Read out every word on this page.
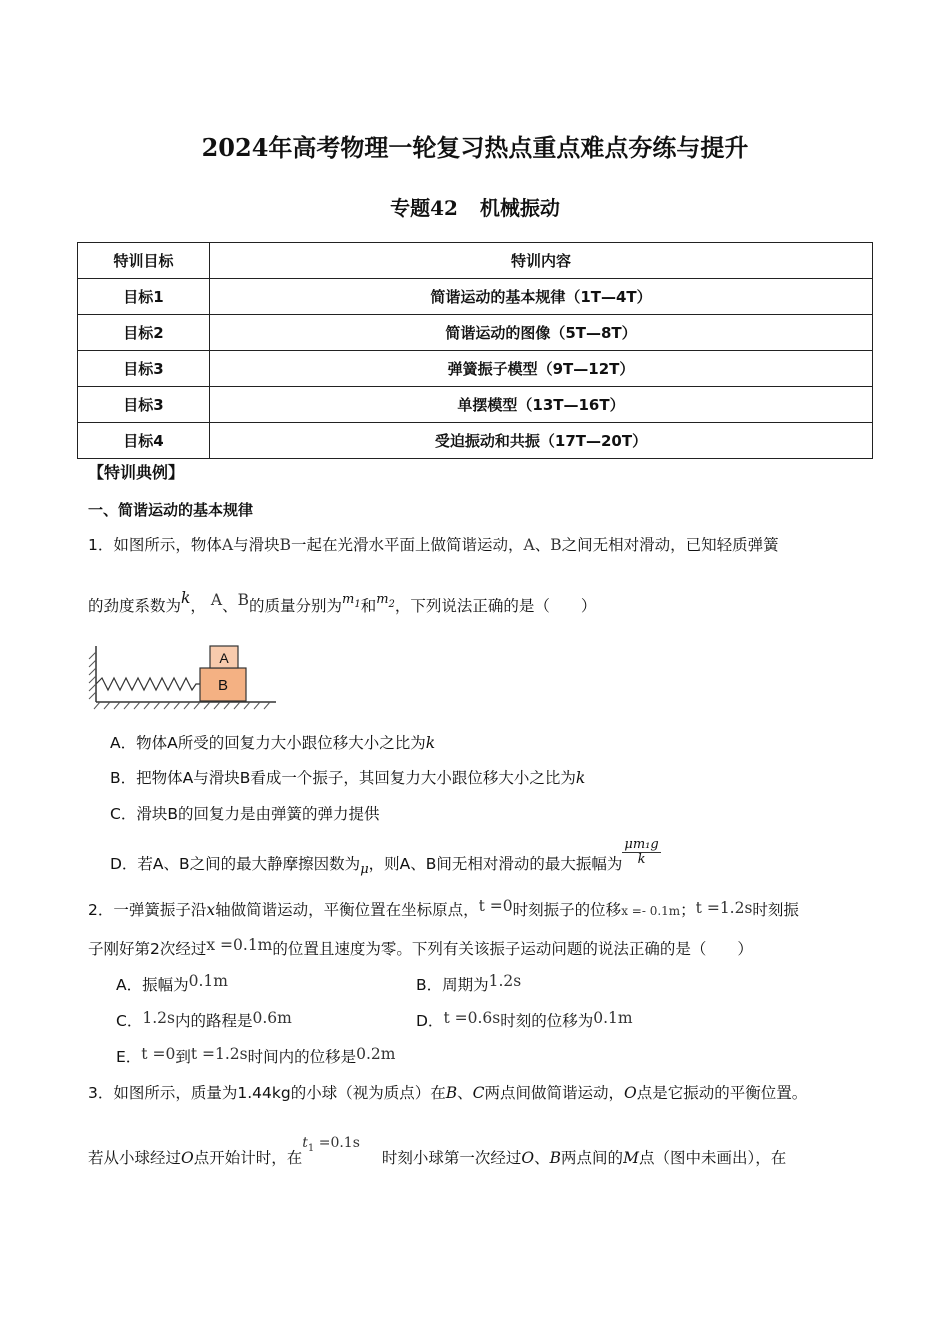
2024年高考物理一轮复习热点重点难点夯练与提升
专题42 机械振动
特训目标	特训内容
目标1	简谐运动的基本规律（1T—4T）
目标2	简谐运动的图像（5T—8T）
目标3	弹簧振子模型（9T—12T）
目标3	单摆模型（13T—16T）
目标4	受迫振动和共振（17T—20T）
【特训典例】
一、简谐运动的基本规律
1．如图所示，物体A与滑块B一起在光滑水平面上做简谐运动，A、B之间无相对滑动，已知轻质弹簧
的劲度系数为k， A、B的质量分别为$^{m_1}$和$^{m_2}$，下列说法正确的是（　　）
A
B
A．物体A所受的回复力大小跟位移大小之比为k
B．把物体A与滑块B看成一个振子，其回复力大小跟位移大小之比为k
C．滑块B的回复力是由弹簧的弹力提供
D．若A、B之间的最大静摩擦因数为$_\mu$，则A、B间无相对滑动的最大振幅为 $\frac{\text{μm₁g}}{k}$
2．一弹簧振子沿x轴做简谐运动，平衡位置在坐标原点，t =0时刻振子的位移x =- 0.1m；t =1.2s时刻振
子刚好第2次经过x =0.1m的位置且速度为零。下列有关该振子运动问题的说法正确的是（　　）
A．振幅为0.1m	B．周期为1.2s
C．1.2s内的路程是0.6m	D．t =0.6s时刻的位移为0.1m
E．t =0到t =1.2s时间内的位移是0.2m
3．如图所示，质量为1.44kg的小球（视为质点）在B、C两点间做简谐运动，O点是它振动的平衡位置。
若从小球经过O点开始计时，在$t_1 =0.1s$时刻小球第一次经过O、B两点间的M点（图中未画出），在
